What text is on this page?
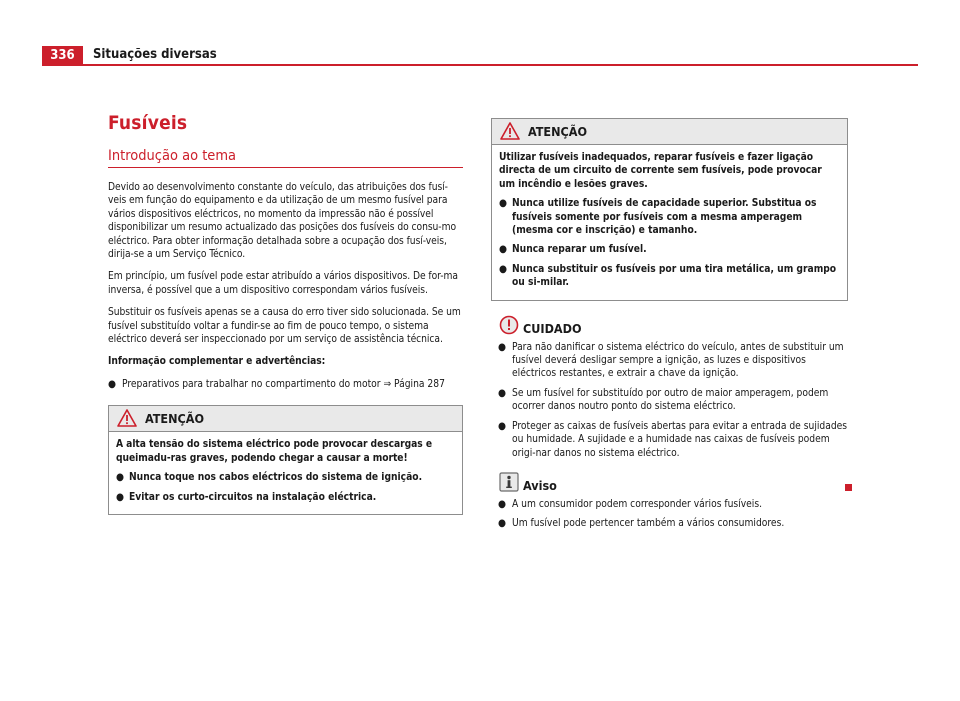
336	Situações diversas
Fusíveis
Introdução ao tema

Devido ao desenvolvimento constante do veículo, das atribuições dos fusí-veis em função do equipamento e da utilização de um mesmo fusível para vários dispositivos eléctricos, no momento da impressão não é possível disponibilizar um resumo actualizado das posições dos fusíveis do consu-mo eléctrico. Para obter informação detalhada sobre a ocupação dos fusí-veis, dirija-se a um Serviço Técnico.

Em princípio, um fusível pode estar atribuído a vários dispositivos. De for-ma inversa, é possível que a um dispositivo correspondam vários fusíveis.

Substituir os fusíveis apenas se a causa do erro tiver sido solucionada. Se um fusível substituído voltar a fundir-se ao fim de pouco tempo, o sistema eléctrico deverá ser inspeccionado por um serviço de assistência técnica.

Informação complementar e advertências:

● Preparativos para trabalhar no compartimento do motor ⇒ Página 287
ATENÇÃO

A alta tensão do sistema eléctrico pode provocar descargas e queimadu-ras graves, podendo chegar a causar a morte!

● Nunca toque nos cabos eléctricos do sistema de ignição.
● Evitar os curto-circuitos na instalação eléctrica.
ATENÇÃO

Utilizar fusíveis inadequados, reparar fusíveis e fazer ligação directa de um circuito de corrente sem fusíveis, pode provocar um incêndio e lesões graves.

● Nunca utilize fusíveis de capacidade superior. Substitua os fusíveis somente por fusíveis com a mesma amperagem (mesma cor e inscrição) e tamanho.
● Nunca reparar um fusível.
● Nunca substituir os fusíveis por uma tira metálica, um grampo ou si-milar.
CUIDADO
● Para não danificar o sistema eléctrico do veículo, antes de substituir um fusível deverá desligar sempre a ignição, as luzes e dispositivos eléctricos restantes, e extrair a chave da ignição.
● Se um fusível for substituído por outro de maior amperagem, podem ocorrer danos noutro ponto do sistema eléctrico.
● Proteger as caixas de fusíveis abertas para evitar a entrada de sujidades ou humidade. A sujidade e a humidade nas caixas de fusíveis podem origi-nar danos no sistema eléctrico.
Aviso
● A um consumidor podem corresponder vários fusíveis.
● Um fusível pode pertencer também a vários consumidores.
